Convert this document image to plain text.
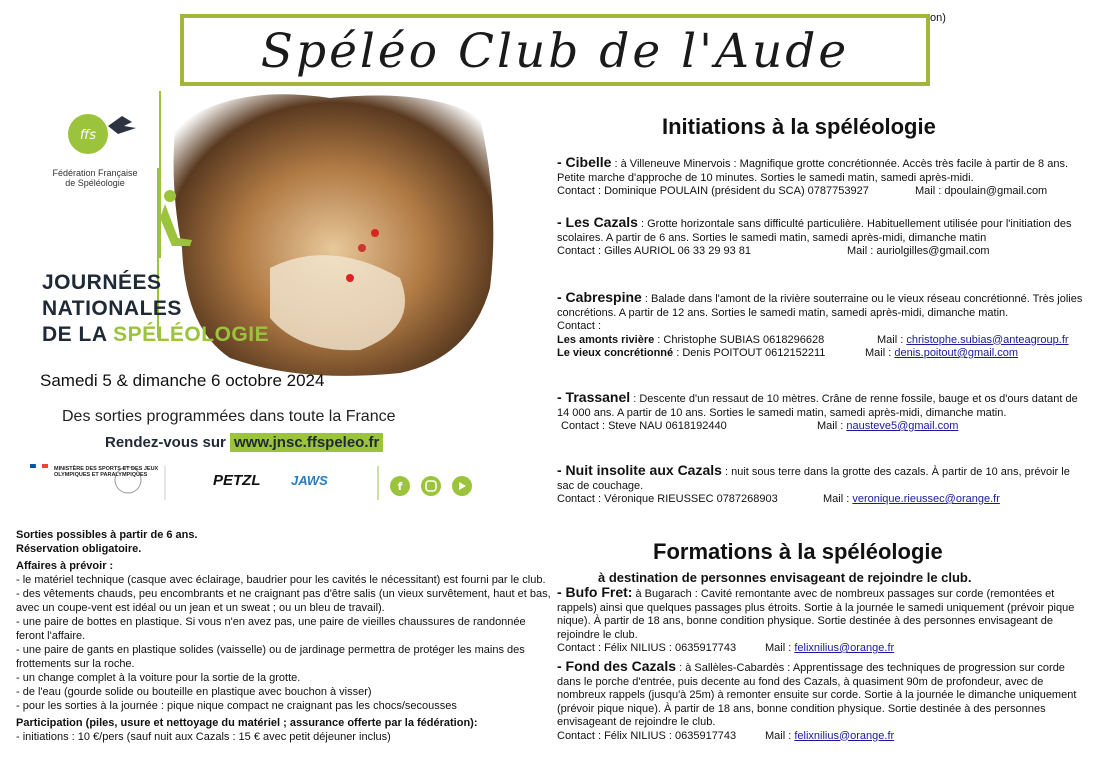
Spéléo Club de l'Aude
on)
ffs
f
Fédération Française de Spéléologie
JOURNÉES
NATIONALES
DE LA SPÉLÉOLOGIE
Samedi 5 & dimanche 6 octobre 2024
Des sorties programmées dans toute la France
Rendez-vous sur www.jnsc.ffspeleo.fr
MINISTÈRE DES SPORTS ET DES JEUX OLYMPIQUES ET PARALYMPIQUES	PETZL JAWS

Sorties possibles à partir de 6 ans.

Réservation obligatoire.

Affaires à prévoir :

- le matériel technique (casque avec éclairage, baudrier pour les cavités le nécessitant) est fourni par le club.

- des vêtements chauds, peu encombrants et ne craignant pas d'être salis (un vieux survêtement, haut et bas, avec un coupe-vent est idéal ou un jean et un sweat ; ou un bleu de travail).

- une paire de bottes en plastique. Si vous n'en avez pas, une paire de vieilles chaussures de randonnée feront l'affaire.

- une paire de gants en plastique solides (vaisselle) ou de jardinage permettra de protéger les mains des frottements sur la roche.

- un change complet à la voiture pour la sortie de la grotte.

- de l'eau (gourde solide ou bouteille en plastique avec bouchon à visser)

- pour les sorties à la journée : pique nique compact ne craignant pas les chocs/secousses

Participation (piles, usure et nettoyage du matériel ; assurance offerte par la fédération):

- initiations : 10 €/pers (sauf nuit aux Cazals : 15 € avec petit déjeuner inclus)

Initiations à la spéléologie

- Cibelle : à Villeneuve Minervois : Magnifique grotte concrétionnée. Accès très facile à partir de 8 ans. Petite marche d'approche de 10 minutes. Sorties le samedi matin, samedi après-midi.

Contact : Dominique POULAIN (président du SCA) 0787753927	Mail : dpoulain@gmail.com

- Les Cazals : Grotte horizontale sans difficulté particulière. Habituellement utilisée pour l'initiation des scolaires. A partir de 6 ans. Sorties le samedi matin, samedi après-midi, dimanche matin

Contact : Gilles AURIOL 06 33 29 93 81	Mail : auriolgilles@gmail.com

- Cabrespine : Balade dans l'amont de la rivière souterraine ou le vieux réseau concrétionné. Très jolies concrétions. A partir de 12 ans. Sorties le samedi matin, samedi après-midi, dimanche matin.

Contact :

Les amonts rivière : Christophe SUBIAS 0618296628	Mail : christophe.subias@anteagroup.fr

Le vieux concrétionné : Denis POITOUT 0612152211	Mail : denis.poitout@gmail.com

- Trassanel : Descente d'un ressaut de 10 mètres. Crâne de renne fossile, bauge et os d'ours datant de 14 000 ans. A partir de 10 ans. Sorties le samedi matin, samedi après-midi, dimanche matin.

Contact : Steve NAU 0618192440	Mail : nausteve5@gmail.com

- Nuit insolite aux Cazals : nuit sous terre dans la grotte des cazals. À partir de 10 ans, prévoir le sac de couchage.

Contact : Véronique RIEUSSEC 0787268903	Mail : veronique.rieussec@orange.fr

Formations à la spéléologie
à destination de personnes envisageant de rejoindre le club.

- Bufo Fret: à Bugarach : Cavité remontante avec de nombreux passages sur corde (remontées et rappels) ainsi que quelques passages plus étroits. Sortie à la journée le samedi uniquement (prévoir pique nique). À partir de 18 ans, bonne condition physique. Sortie destinée à des personnes envisageant de rejoindre le club.

Contact : Félix NILIUS : 0635917743	Mail : felixnilius@orange.fr

- Fond des Cazals : à Sallèles-Cabardès : Apprentissage des techniques de progression sur corde dans le porche d'entrée, puis decente au fond des Cazals, à quasiment 90m de profondeur, avec de nombreux rappels (jusqu'à 25m) à remonter ensuite sur corde. Sortie à la journée le dimanche uniquement (prévoir pique nique). À partir de 18 ans, bonne condition physique. Sortie destinée à des personnes envisageant de rejoindre le club.

Contact : Félix NILIUS : 0635917743	Mail : felixnilius@orange.fr
